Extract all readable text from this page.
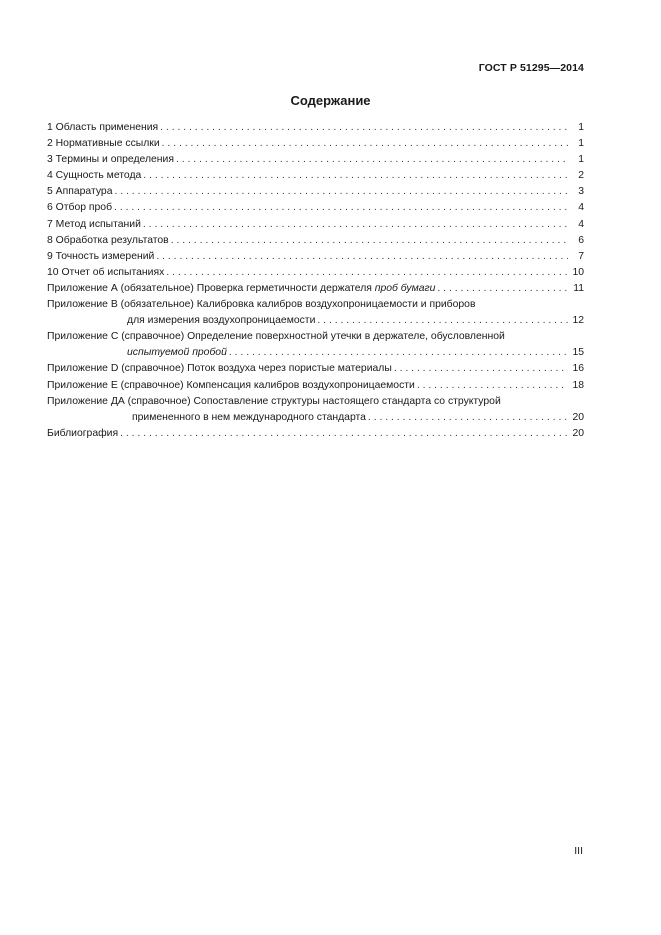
ГОСТ Р 51295—2014
Содержание
1 Область применения . . .	1
2 Нормативные ссылки . . .	1
3 Термины и определения . . .	1
4 Сущность метода . . .	2
5 Аппаратура . . .	3
6 Отбор проб . . .	4
7 Метод испытаний . . .	4
8 Обработка результатов . . .	6
9 Точность измерений . . .	7
10 Отчет об испытаниях . . .	10
Приложение А (обязательное) Проверка герметичности держателя проб бумаги . . .	11
Приложение В (обязательное) Калибровка калибров воздухопроницаемости и приборов
для измерения воздухопроницаемости . . .	12
Приложение С (справочное) Определение поверхностной утечки в держателе, обусловленной
испытуемой пробой . . .	15
Приложение D (справочное) Поток воздуха через пористые материалы . . .	16
Приложение Е (справочное) Компенсация калибров воздухопроницаемости . . .	18
Приложение ДА (справочное) Сопоставление структуры настоящего стандарта со структурой
примененного в нем международного стандарта . . .	20
Библиография . . .	20
III
